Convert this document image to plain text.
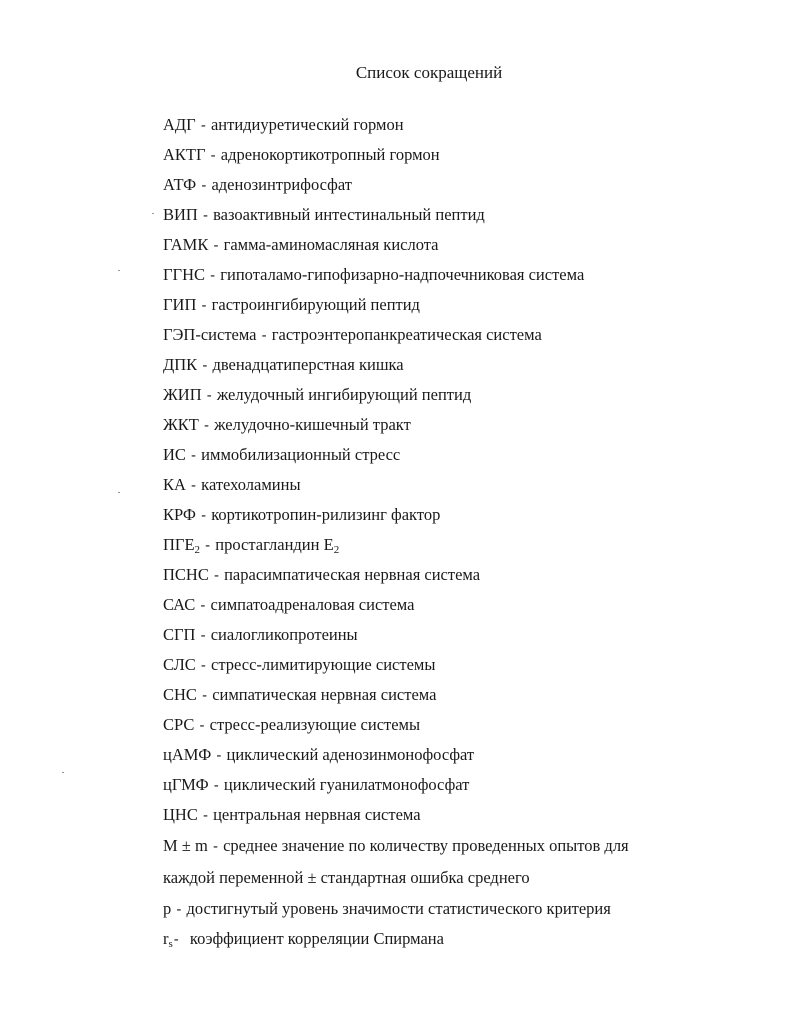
Список сокращений
АДГ - антидиуретический гормон
АКТГ - адренокортикотропный гормон
АТФ - аденозинтрифосфат
ВИП - вазоактивный интестинальный пептид
ГАМК - гамма-аминомасляная кислота
ГГНС - гипоталамо-гипофизарно-надпочечниковая система
ГИП - гастроингибирующий пептид
ГЭП-система - гастроэнтеропанкреатическая система
ДПК - двенадцатиперстная кишка
ЖИП - желудочный ингибирующий пептид
ЖКТ - желудочно-кишечный тракт
ИС - иммобилизационный стресс
КА - катехоламины
КРФ - кортикотропин-рилизинг фактор
$ПГЕ_2$ - простагландин $Е_2$
ПСНС - парасимпатическая нервная система
САС - симпатоадреналовая система
СГП - сиалогликопротеины
СЛС - стресс-лимитирующие системы
СНС - симпатическая нервная система
СРС - стресс-реализующие системы
цАМФ - циклический аденозинмонофосфат
цГМФ - циклический гуанилатмонофосфат
ЦНС - центральная нервная система
M ± m - среднее значение по количеству проведенных опытов для
каждой переменной ± стандартная ошибка среднего
p - достигнутый уровень значимости статистического критерия
$r_s-$ коэффициент корреляции Спирмана
